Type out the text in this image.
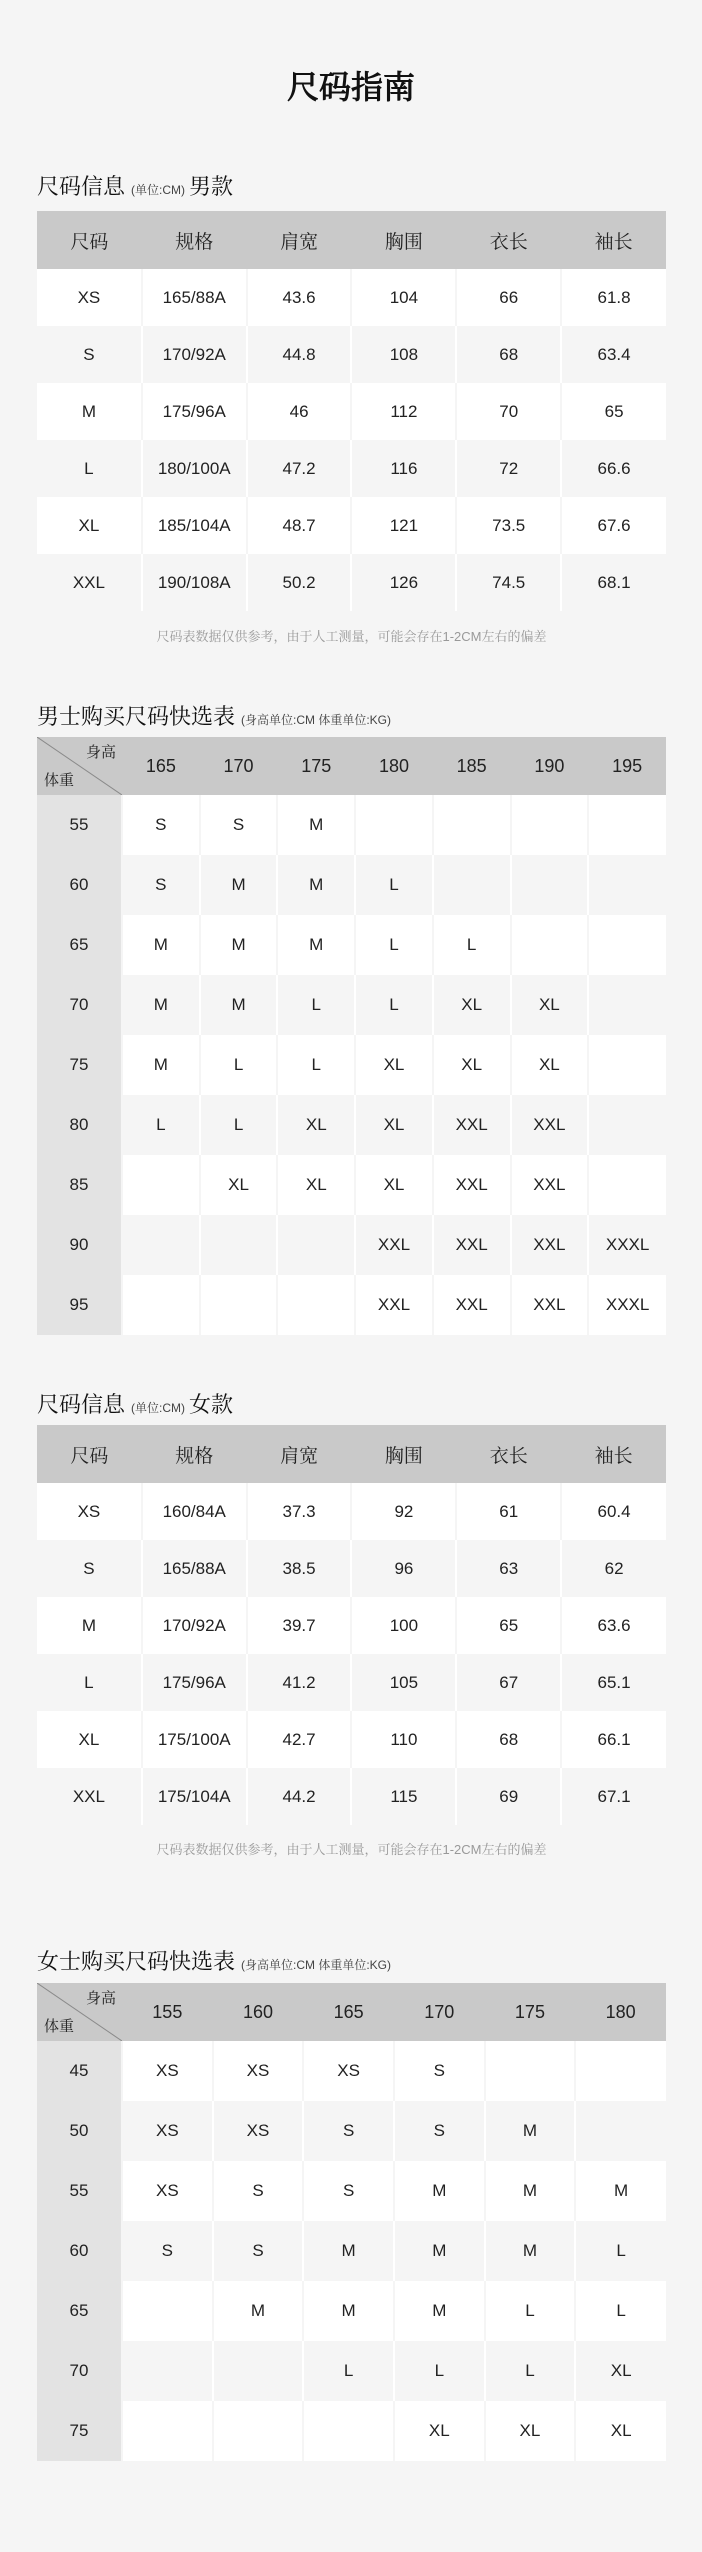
尺码指南
尺码信息 (单位:CM) 男款
尺码	规格	肩宽	胸围	衣长	袖长
XS	165/88A	43.6	104	66	61.8
S	170/92A	44.8	108	68	63.4
M	175/96A	46	112	70	65
L	180/100A	47.2	116	72	66.6
XL	185/104A	48.7	121	73.5	67.6
XXL	190/108A	50.2	126	74.5	68.1
尺码表数据仅供参考，由于人工测量，可能会存在1-2CM左右的偏差
男士购买尺码快选表 (身高单位:CM 体重单位:KG)
身高
体重	165	170	175	180	185	190	195
55	S	S	M				
60	S	M	M	L			
65	M	M	M	L	L		
70	M	M	L	L	XL	XL	
75	M	L	L	XL	XL	XL	
80	L	L	XL	XL	XXL	XXL	
85		XL	XL	XL	XXL	XXL	
90				XXL	XXL	XXL	XXXL
95				XXL	XXL	XXL	XXXL
尺码信息 (单位:CM) 女款
尺码	规格	肩宽	胸围	衣长	袖长
XS	160/84A	37.3	92	61	60.4
S	165/88A	38.5	96	63	62
M	170/92A	39.7	100	65	63.6
L	175/96A	41.2	105	67	65.1
XL	175/100A	42.7	110	68	66.1
XXL	175/104A	44.2	115	69	67.1
尺码表数据仅供参考，由于人工测量，可能会存在1-2CM左右的偏差
女士购买尺码快选表 (身高单位:CM 体重单位:KG)
身高
体重	155	160	165	170	175	180
45	XS	XS	XS	S		
50	XS	XS	S	S	M	
55	XS	S	S	M	M	M
60	S	S	M	M	M	L
65		M	M	M	L	L
70			L	L	L	XL
75				XL	XL	XL
